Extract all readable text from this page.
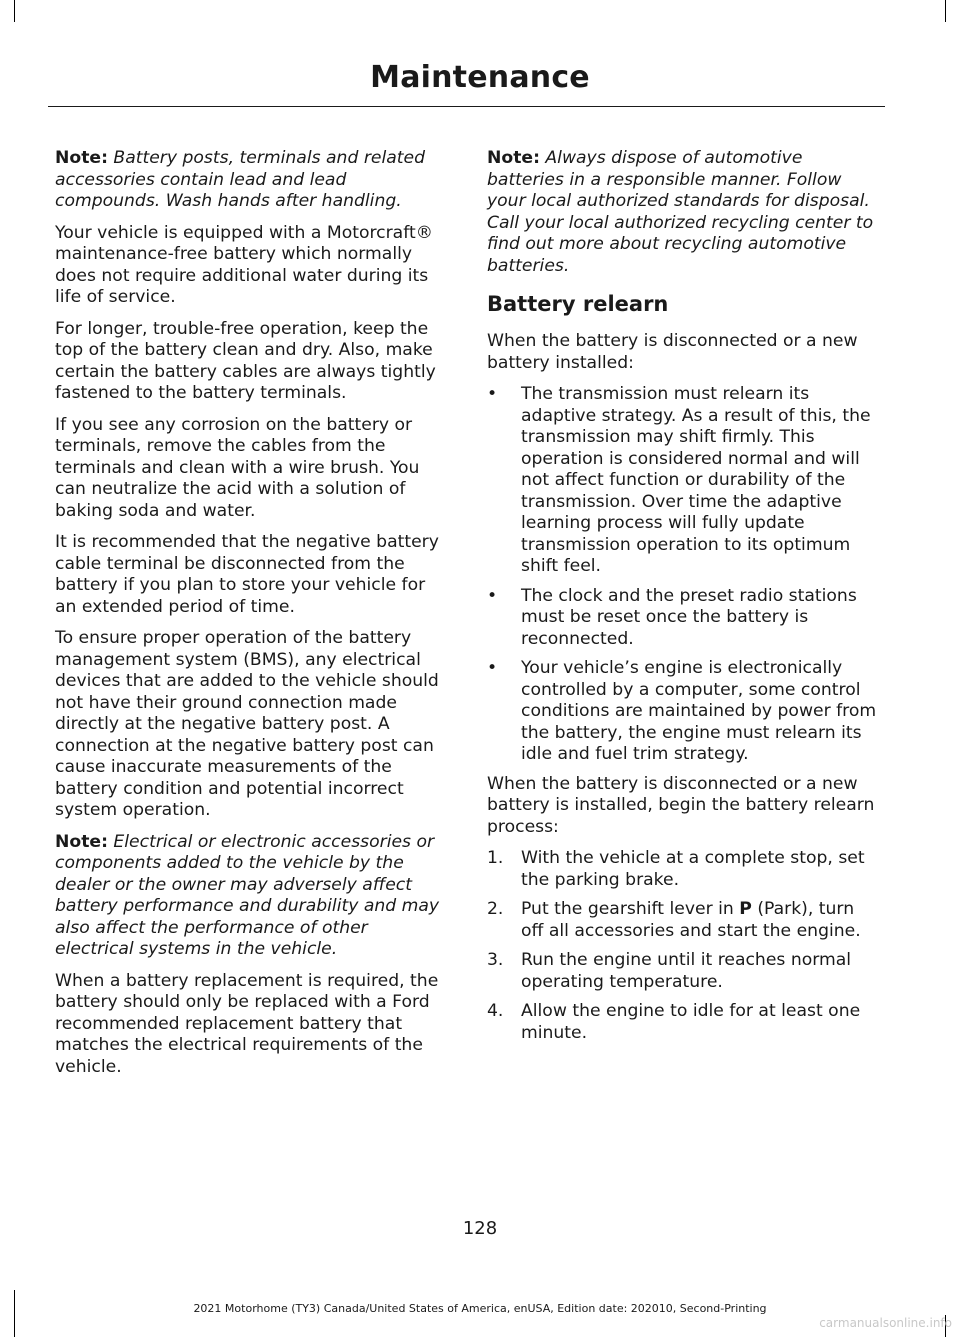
Maintenance

Note: Battery posts, terminals and related accessories contain lead and lead compounds. Wash hands after handling.

Your vehicle is equipped with a Motorcraft® maintenance-free battery which normally does not require additional water during its life of service.

For longer, trouble-free operation, keep the top of the battery clean and dry. Also, make certain the battery cables are always tightly fastened to the battery terminals.

If you see any corrosion on the battery or terminals, remove the cables from the terminals and clean with a wire brush. You can neutralize the acid with a solution of baking soda and water.

It is recommended that the negative battery cable terminal be disconnected from the battery if you plan to store your vehicle for an extended period of time.

To ensure proper operation of the battery management system (BMS), any electrical devices that are added to the vehicle should not have their ground connection made directly at the negative battery post. A connection at the negative battery post can cause inaccurate measurements of the battery condition and potential incorrect system operation.

Note: Electrical or electronic accessories or components added to the vehicle by the dealer or the owner may adversely affect battery performance and durability and may also affect the performance of other electrical systems in the vehicle.

When a battery replacement is required, the battery should only be replaced with a Ford recommended replacement battery that matches the electrical requirements of the vehicle.

Note: Always dispose of automotive batteries in a responsible manner. Follow your local authorized standards for disposal. Call your local authorized recycling center to find out more about recycling automotive batteries.

Battery relearn

When the battery is disconnected or a new battery installed:

• The transmission must relearn its adaptive strategy. As a result of this, the transmission may shift firmly. This operation is considered normal and will not affect function or durability of the transmission. Over time the adaptive learning process will fully update transmission operation to its optimum shift feel.
• The clock and the preset radio stations must be reset once the battery is reconnected.
• Your vehicle’s engine is electronically controlled by a computer, some control conditions are maintained by power from the battery, the engine must relearn its idle and fuel trim strategy.

When the battery is disconnected or a new battery is installed, begin the battery relearn process:

1. With the vehicle at a complete stop, set the parking brake.
2. Put the gearshift lever in P (Park), turn off all accessories and start the engine.
3. Run the engine until it reaches normal operating temperature.
4. Allow the engine to idle for at least one minute.
128
2021 Motorhome (TY3) Canada/United States of America, enUSA, Edition date: 202010, Second-Printing
carmanualsonline.info
